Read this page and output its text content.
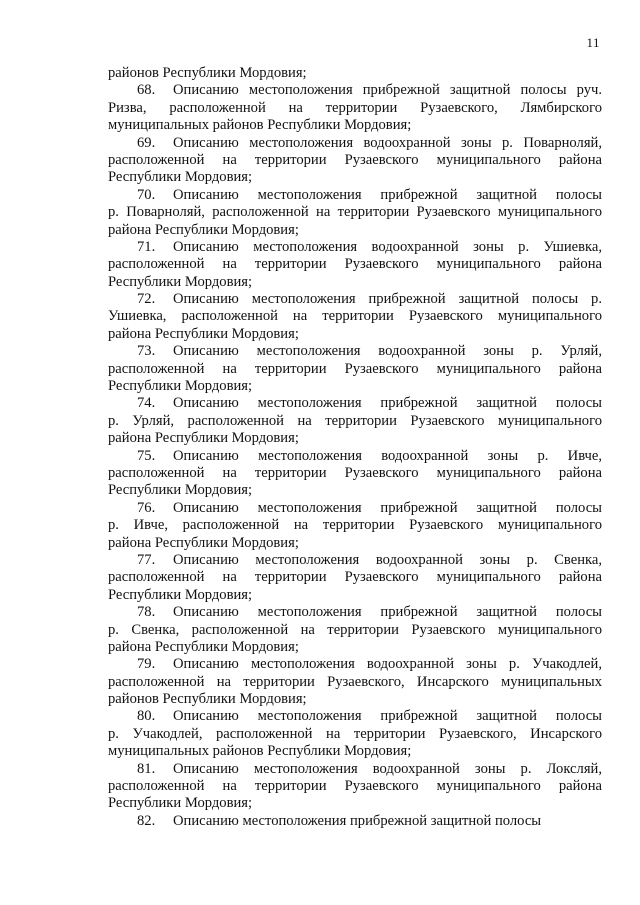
11
районов Республики Мордовия;
68. Описанию местоположения прибрежной защитной полосы руч.
Ризва, расположенной на территории Рузаевского, Лямбирского
муниципальных районов Республики Мордовия;
69. Описанию местоположения водоохранной зоны р. Поварноляй,
расположенной на территории Рузаевского муниципального района
Республики Мордовия;
70. Описанию местоположения прибрежной защитной полосы
р. Поварноляй, расположенной на территории Рузаевского муниципального
района Республики Мордовия;
71. Описанию местоположения водоохранной зоны р. Ушиевка,
расположенной на территории Рузаевского муниципального района
Республики Мордовия;
72. Описанию местоположения прибрежной защитной полосы р.
Ушиевка, расположенной на территории Рузаевского муниципального
района Республики Мордовия;
73. Описанию местоположения водоохранной зоны р. Урляй,
расположенной на территории Рузаевского муниципального района
Республики Мордовия;
74. Описанию местоположения прибрежной защитной полосы
р. Урляй, расположенной на территории Рузаевского муниципального
района Республики Мордовия;
75. Описанию местоположения водоохранной зоны р. Ивче,
расположенной на территории Рузаевского муниципального района
Республики Мордовия;
76. Описанию местоположения прибрежной защитной полосы
р. Ивче, расположенной на территории Рузаевского муниципального
района Республики Мордовия;
77. Описанию местоположения водоохранной зоны р. Свенка,
расположенной на территории Рузаевского муниципального района
Республики Мордовия;
78. Описанию местоположения прибрежной защитной полосы
р. Свенка, расположенной на территории Рузаевского муниципального
района Республики Мордовия;
79. Описанию местоположения водоохранной зоны р. Учакодлей,
расположенной на территории Рузаевского, Инсарского муниципальных
районов Республики Мордовия;
80. Описанию местоположения прибрежной защитной полосы
р. Учакодлей, расположенной на территории Рузаевского, Инсарского
муниципальных районов Республики Мордовия;
81. Описанию местоположения водоохранной зоны р. Локсляй,
расположенной на территории Рузаевского муниципального района
Республики Мордовия;
82. Описанию местоположения прибрежной защитной полосы
